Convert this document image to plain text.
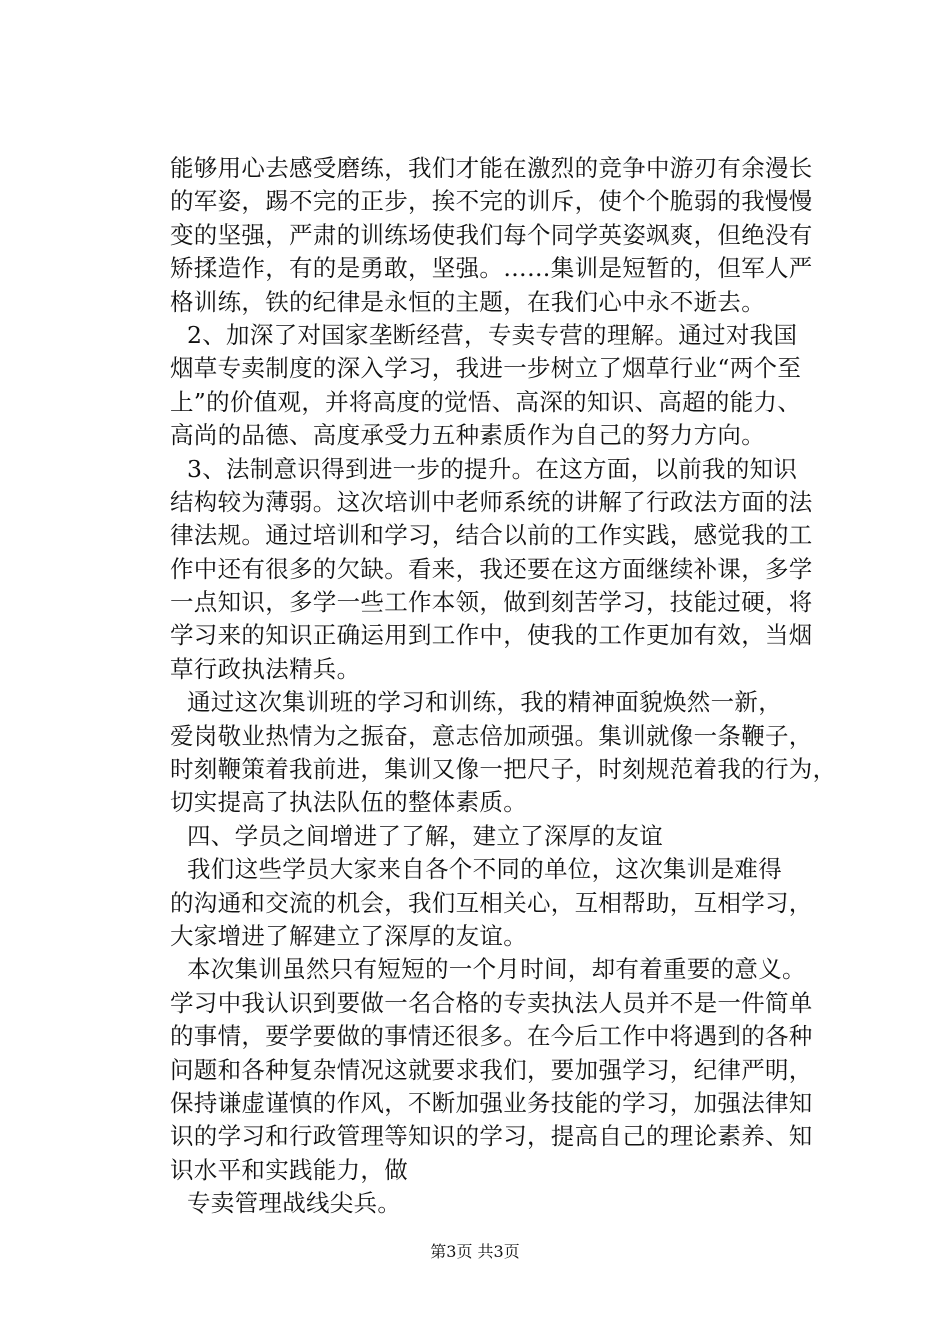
能够用心去感受磨练，我们才能在激烈的竞争中游刃有余漫长
的军姿，踢不完的正步，挨不完的训斥，使个个脆弱的我慢慢
变的坚强，严肃的训练场使我们每个同学英姿飒爽，但绝没有
矫揉造作，有的是勇敢，坚强。……集训是短暂的，但军人严
格训练，铁的纪律是永恒的主题，在我们心中永不逝去。
2、加深了对国家垄断经营，专卖专营的理解。通过对我国
烟草专卖制度的深入学习，我进一步树立了烟草行业“两个至
上”的价值观，并将高度的觉悟、高深的知识、高超的能力、
高尚的品德、高度承受力五种素质作为自己的努力方向。
3、法制意识得到进一步的提升。在这方面，以前我的知识
结构较为薄弱。这次培训中老师系统的讲解了行政法方面的法
律法规。通过培训和学习，结合以前的工作实践，感觉我的工
作中还有很多的欠缺。看来，我还要在这方面继续补课，多学
一点知识，多学一些工作本领，做到刻苦学习，技能过硬，将
学习来的知识正确运用到工作中，使我的工作更加有效，当烟
草行政执法精兵。
通过这次集训班的学习和训练，我的精神面貌焕然一新，
爱岗敬业热情为之振奋，意志倍加顽强。集训就像一条鞭子，
时刻鞭策着我前进，集训又像一把尺子，时刻规范着我的行为，
切实提高了执法队伍的整体素质。
四、学员之间增进了了解，建立了深厚的友谊
我们这些学员大家来自各个不同的单位，这次集训是难得
的沟通和交流的机会，我们互相关心，互相帮助，互相学习，
大家增进了解建立了深厚的友谊。
本次集训虽然只有短短的一个月时间，却有着重要的意义。
学习中我认识到要做一名合格的专卖执法人员并不是一件简单
的事情，要学要做的事情还很多。在今后工作中将遇到的各种
问题和各种复杂情况这就要求我们，要加强学习，纪律严明，
保持谦虚谨慎的作风，不断加强业务技能的学习，加强法律知
识的学习和行政管理等知识的学习，提高自己的理论素养、知
识水平和实践能力，做
专卖管理战线尖兵。
第3页 共3页
